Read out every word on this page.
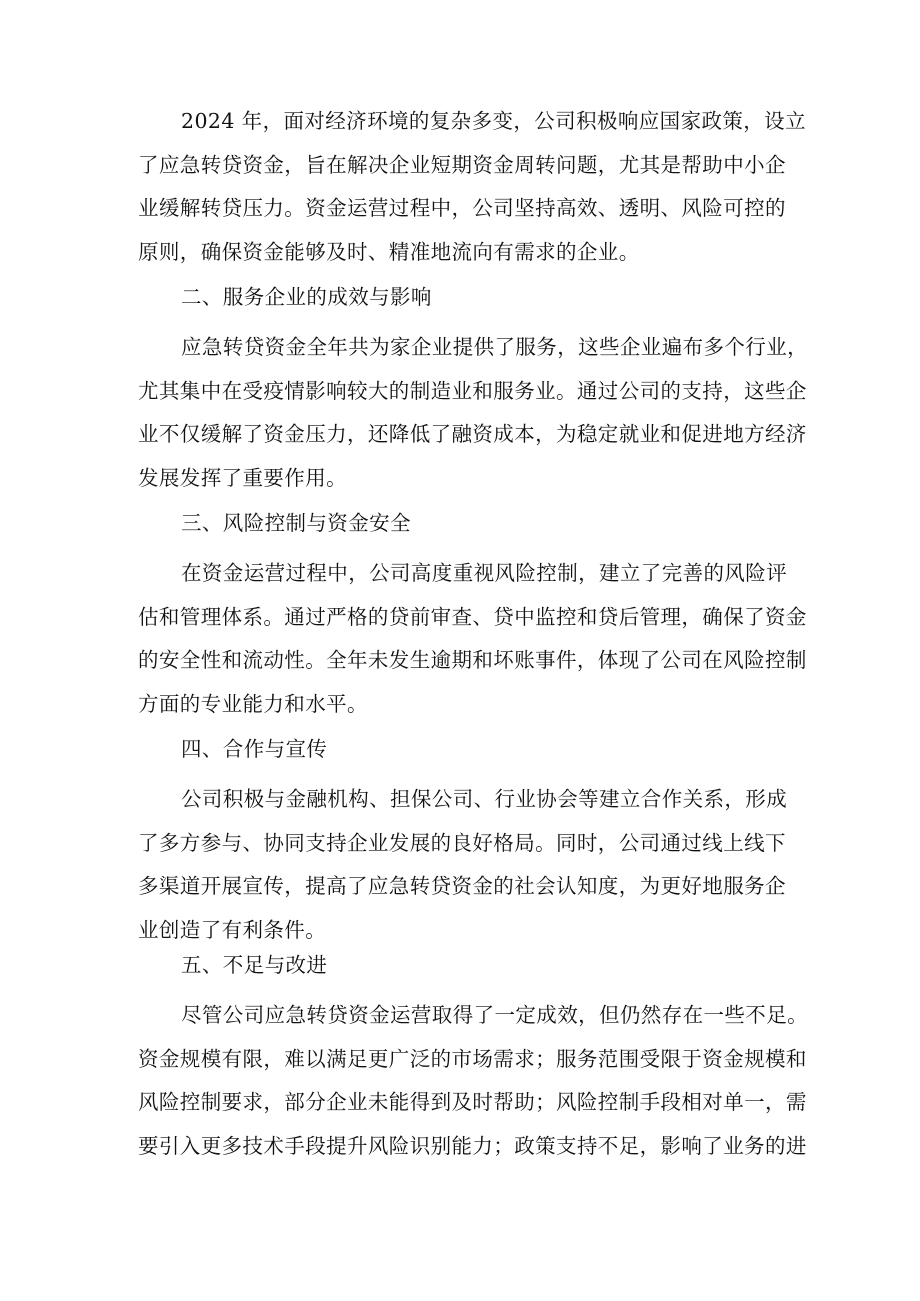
2024 年，面对经济环境的复杂多变，公司积极响应国家政策，设立
了应急转贷资金，旨在解决企业短期资金周转问题，尤其是帮助中小企
业缓解转贷压力。资金运营过程中，公司坚持高效、透明、风险可控的
原则，确保资金能够及时、精准地流向有需求的企业。

二、服务企业的成效与影响

应急转贷资金全年共为家企业提供了服务，这些企业遍布多个行业，
尤其集中在受疫情影响较大的制造业和服务业。通过公司的支持，这些企
业不仅缓解了资金压力，还降低了融资成本，为稳定就业和促进地方经济
发展发挥了重要作用。

三、风险控制与资金安全

在资金运营过程中，公司高度重视风险控制，建立了完善的风险评
估和管理体系。通过严格的贷前审查、贷中监控和贷后管理，确保了资金
的安全性和流动性。全年未发生逾期和坏账事件，体现了公司在风险控制
方面的专业能力和水平。

四、合作与宣传

公司积极与金融机构、担保公司、行业协会等建立合作关系，形成
了多方参与、协同支持企业发展的良好格局。同时，公司通过线上线下
多渠道开展宣传，提高了应急转贷资金的社会认知度，为更好地服务企
业创造了有利条件。

五、不足与改进

尽管公司应急转贷资金运营取得了一定成效，但仍然存在一些不足。
资金规模有限，难以满足更广泛的市场需求；服务范围受限于资金规模和
风险控制要求，部分企业未能得到及时帮助；风险控制手段相对单一，需
要引入更多技术手段提升风险识别能力；政策支持不足，影响了业务的进
